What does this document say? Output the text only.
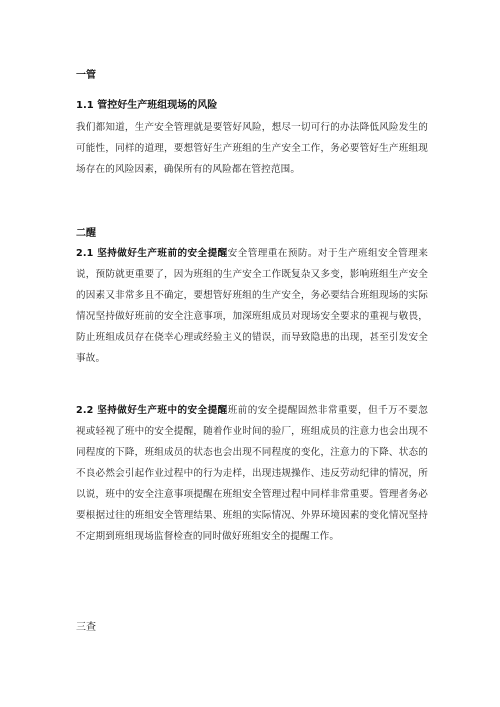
一管
1.1 管控好生产班组现场的风险

我们都知道，生产安全管理就是要管好风险，想尽一切可行的办法降低风险发生的可能性，同样的道理，要想管好生产班组的生产安全工作，务必要管好生产班组现场存在的风险因素，确保所有的风险都在管控范围。

二醒

2.1 坚持做好生产班前的安全提醒安全管理重在预防。对于生产班组安全管理来说，预防就更重要了，因为班组的生产安全工作既复杂又多变，影响班组生产安全的因素又非常多且不确定，要想管好班组的生产安全，务必要结合班组现场的实际情况坚持做好班前的安全注意事项，加深班组成员对现场安全要求的重视与敬畏，防止班组成员存在侥幸心理或经验主义的错误，而导致隐患的出现，甚至引发安全事故。

2.2 坚持做好生产班中的安全提醒班前的安全提醒固然非常重要，但千万不要忽视或轻视了班中的安全提醒，随着作业时间的验厂，班组成员的注意力也会出现不同程度的下降，班组成员的状态也会出现不同程度的变化，注意力的下降、状态的不良必然会引起作业过程中的行为走样，出现违规操作、违反劳动纪律的情况，所以说，班中的安全注意事项提醒在班组安全管理过程中同样非常重要。管理者务必要根据过往的班组安全管理结果、班组的实际情况、外界环境因素的变化情况坚持不定期到班组现场监督检查的同时做好班组安全的提醒工作。

三查
